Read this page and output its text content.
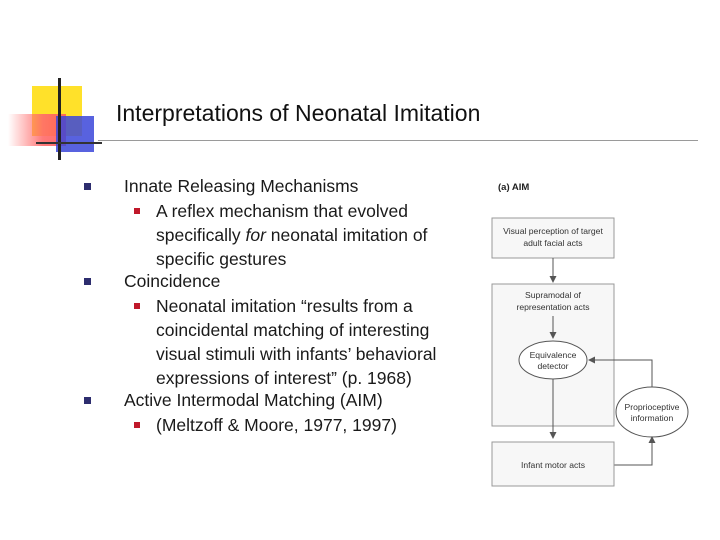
Interpretations of Neonatal Imitation
Innate Releasing Mechanisms
A reflex mechanism that evolved specifically for neonatal imitation of specific gestures
Coincidence
Neonatal imitation “results from a coincidental matching of interesting visual stimuli with infants’ behavioral expressions of interest” (p. 1968)
Active Intermodal Matching (AIM)
(Meltzoff & Moore, 1977, 1997)
(a) AIM
Visual perception of target
adult facial acts
Supramodal of
representation acts
Equivalence
detector
Proprioceptive
information
Infant motor acts
